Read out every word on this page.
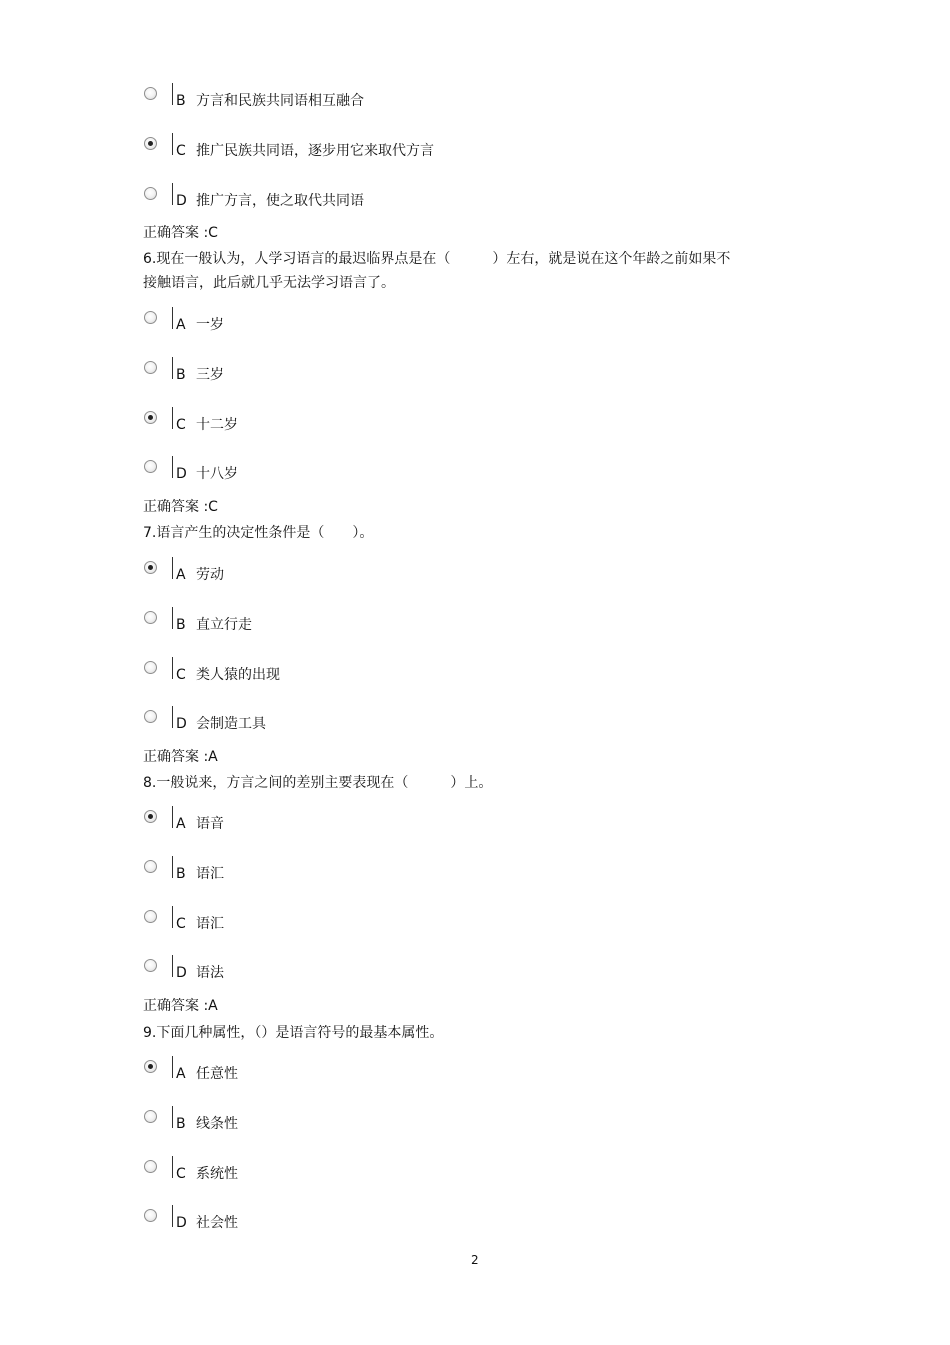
B 方言和民族共同语相互融合
C 推广民族共同语，逐步用它来取代方言
D 推广方言，使之取代共同语
正确答案 :C
6.现在一般认为，人学习语言的最迟临界点是在（　　　）左右，就是说在这个年龄之前如果不
接触语言，此后就几乎无法学习语言了。
A 一岁
B 三岁
C 十二岁
D 十八岁
正确答案 :C
7.语言产生的决定性条件是（　　）。
A 劳动
B 直立行走
C 类人猿的出现
D 会制造工具
正确答案 :A
8.一般说来，方言之间的差别主要表现在（　　　）上。
A 语音
B 语汇
C 语汇
D 语法
正确答案 :A
9.下面几种属性，（）是语言符号的最基本属性。
A 任意性
B 线条性
C 系统性
D 社会性
2
